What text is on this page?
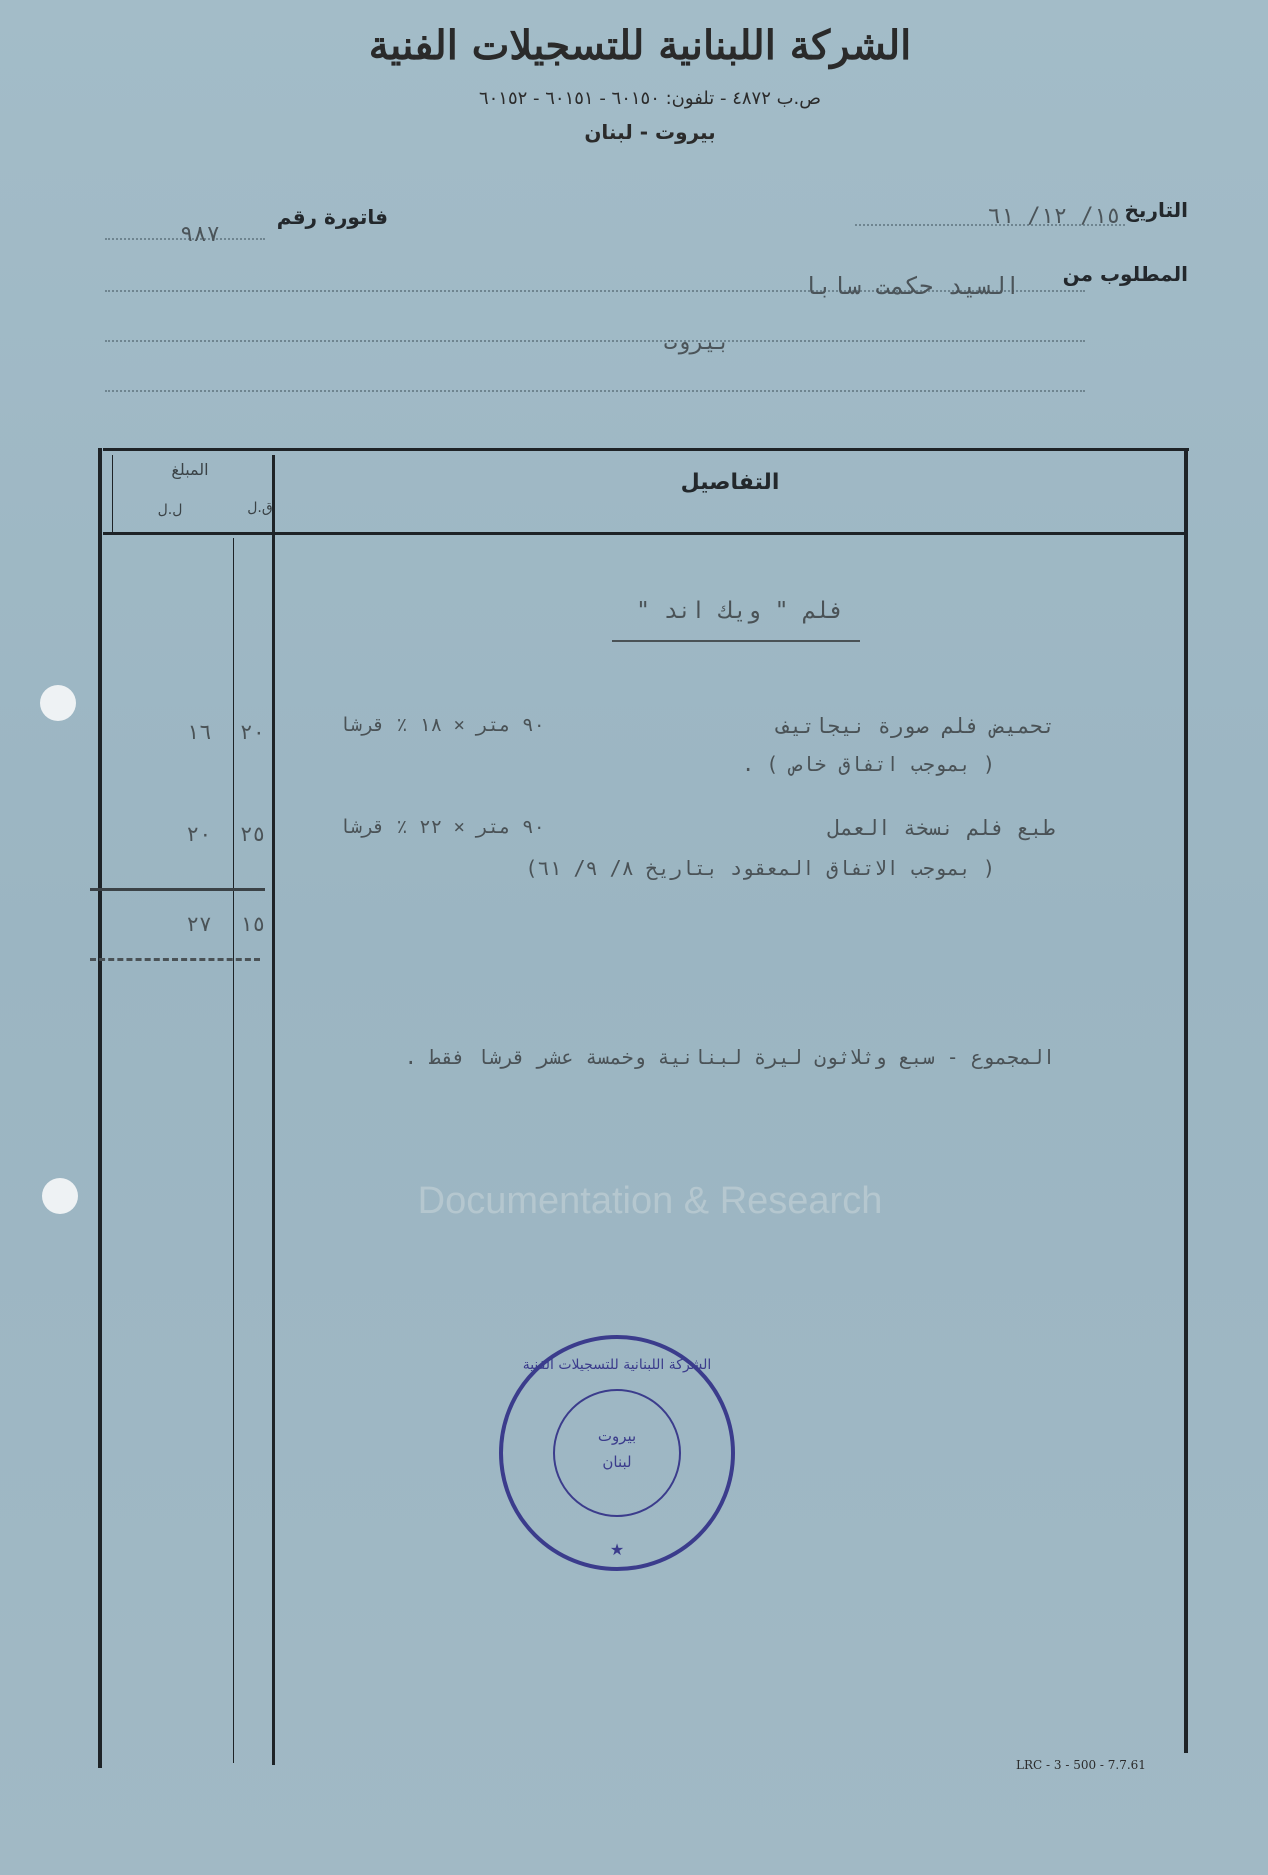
الشركة اللبنانية للتسجيلات الفنية
ص.ب ٤٨٧٢ - تلفون: ٦٠١٥٠ - ٦٠١٥١ - ٦٠١٥٢
بيروت - لبنان
التاريخ
١٥/ ١٢/ ٦١
فاتورة رقم
٩٨٧
المطلوب من
السيد حكمت سابا
بيروت
المبلغ
ق.ل
ل.ل
التفاصيل
فلم " ويك اند "
تحميض فلم صورة نيجاتيف
٩٠ متر × ١٨ ٪ قرشا
( بموجب اتفاق خاص ) .
١٦	٢٠
طبع فلم نسخة العمل
٩٠ متر × ٢٢ ٪ قرشا
( بموجب الاتفاق المعقود بتاريخ ٨/ ٩/ ٦١)
٢٠	٢٥
٢٧	١٥
المجموع - سبع وثلاثون ليرة لبنانية وخمسة عشر قرشا فقط .
Documentation & Research
الشركة اللبنانية للتسجيلات الفنية
بيروت
لبنان
★
LRC - 3 - 500 - 7.7.61
